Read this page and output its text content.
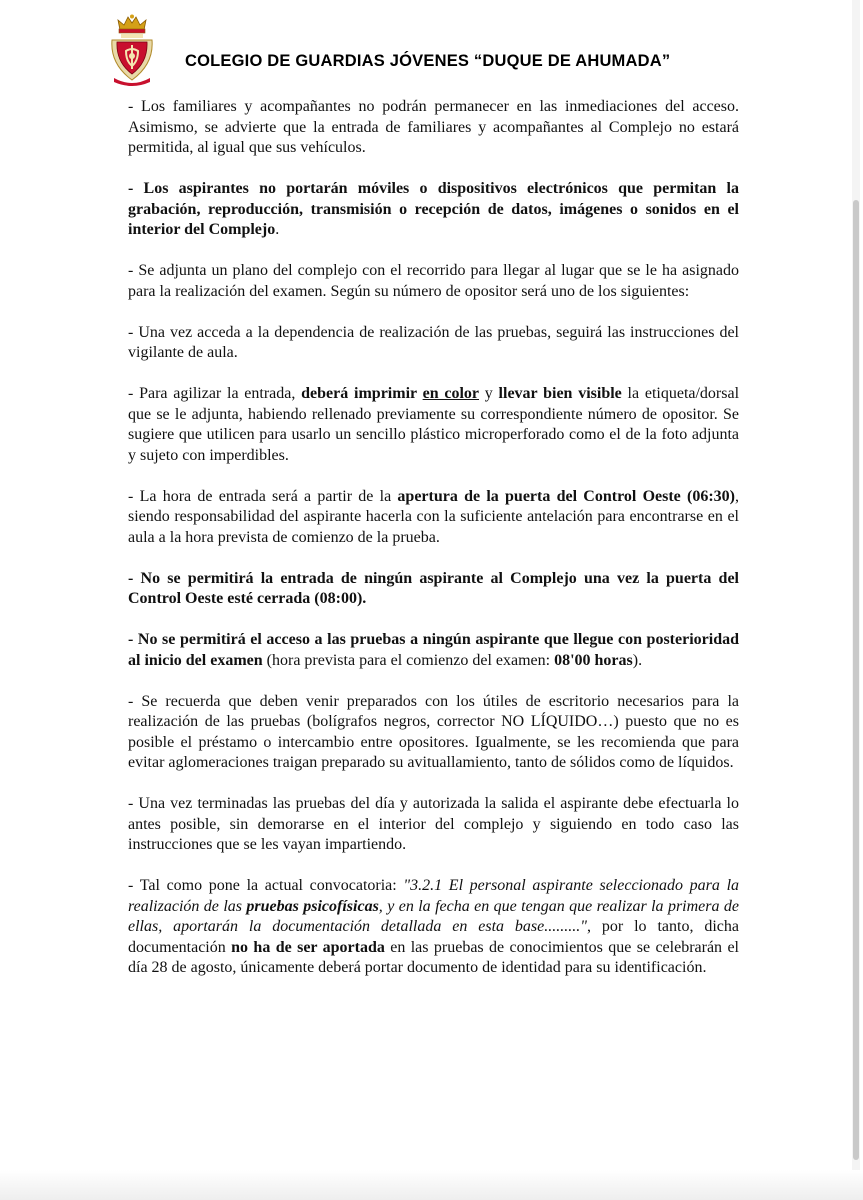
COLEGIO DE GUARDIAS JÓVENES “DUQUE DE AHUMADA”

- Los familiares y acompañantes no podrán permanecer en las inmediaciones del acceso. Asimismo, se advierte que la entrada de familiares y acompañantes al Complejo no estará permitida, al igual que sus vehículos.

- Los aspirantes no portarán móviles o dispositivos electrónicos que permitan la grabación, reproducción, transmisión o recepción de datos, imágenes o sonidos en el interior del Complejo.

- Se adjunta un plano del complejo con el recorrido para llegar al lugar que se le ha asignado para la realización del examen. Según su número de opositor será uno de los siguientes:

- Una vez acceda a la dependencia de realización de las pruebas, seguirá las instrucciones del vigilante de aula.

- Para agilizar la entrada, deberá imprimir en color y llevar bien visible la etiqueta/dorsal que se le adjunta, habiendo rellenado previamente su correspondiente número de opositor. Se sugiere que utilicen para usarlo un sencillo plástico microperforado como el de la foto adjunta y sujeto con imperdibles.

- La hora de entrada será a partir de la apertura de la puerta del Control Oeste (06:30), siendo responsabilidad del aspirante hacerla con la suficiente antelación para encontrarse en el aula a la hora prevista de comienzo de la prueba.

- No se permitirá la entrada de ningún aspirante al Complejo una vez la puerta del Control Oeste esté cerrada (08:00).

- No se permitirá el acceso a las pruebas a ningún aspirante que llegue con posterioridad al inicio del examen (hora prevista para el comienzo del examen: 08'00 horas).

- Se recuerda que deben venir preparados con los útiles de escritorio necesarios para la realización de las pruebas (bolígrafos negros, corrector NO LÍQUIDO…) puesto que no es posible el préstamo o intercambio entre opositores. Igualmente, se les recomienda que para evitar aglomeraciones traigan preparado su avituallamiento, tanto de sólidos como de líquidos.

- Una vez terminadas las pruebas del día y autorizada la salida el aspirante debe efectuarla lo antes posible, sin demorarse en el interior del complejo y siguiendo en todo caso las instrucciones que se les vayan impartiendo.

- Tal como pone la actual convocatoria: "3.2.1 El personal aspirante seleccionado para la realización de las pruebas psicofísicas, y en la fecha en que tengan que realizar la primera de ellas, aportarán la documentación detallada en esta base.........", por lo tanto, dicha documentación no ha de ser aportada en las pruebas de conocimientos que se celebrarán el día 28 de agosto, únicamente deberá portar documento de identidad para su identificación.
